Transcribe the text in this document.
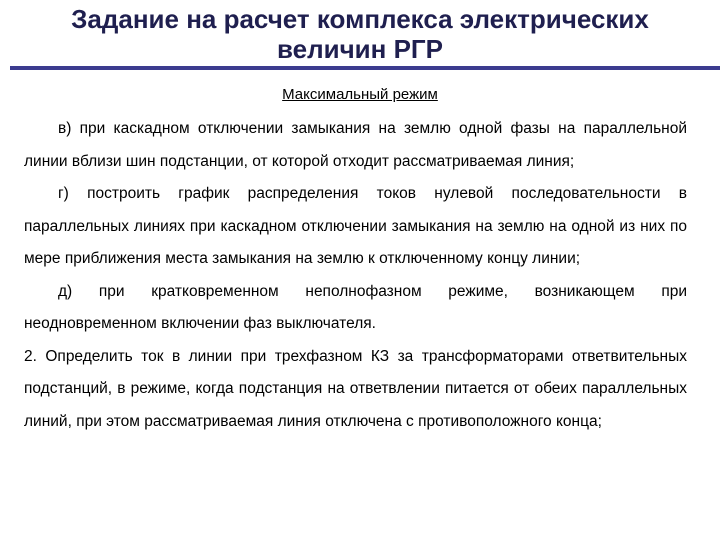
Задание на расчет комплекса электрических
величин РГР
Максимальный режим

в) при каскадном отключении замыкания на землю одной фазы на параллельной линии вблизи шин подстанции, от которой отходит рассматриваемая линия;

г) построить график распределения токов нулевой последовательности в параллельных линиях при каскадном отключении замыкания на землю на одной из них по мере приближения места замыкания на землю к отключенному концу линии;

д) при кратковременном неполнофазном режиме, возникающем при неодновременном включении фаз выключателя.

2. Определить ток в линии при трехфазном КЗ за трансформаторами ответвительных подстанций, в режиме, когда подстанция на ответвлении питается от обеих параллельных линий, при этом рассматриваемая линия отключена с противоположного конца;
